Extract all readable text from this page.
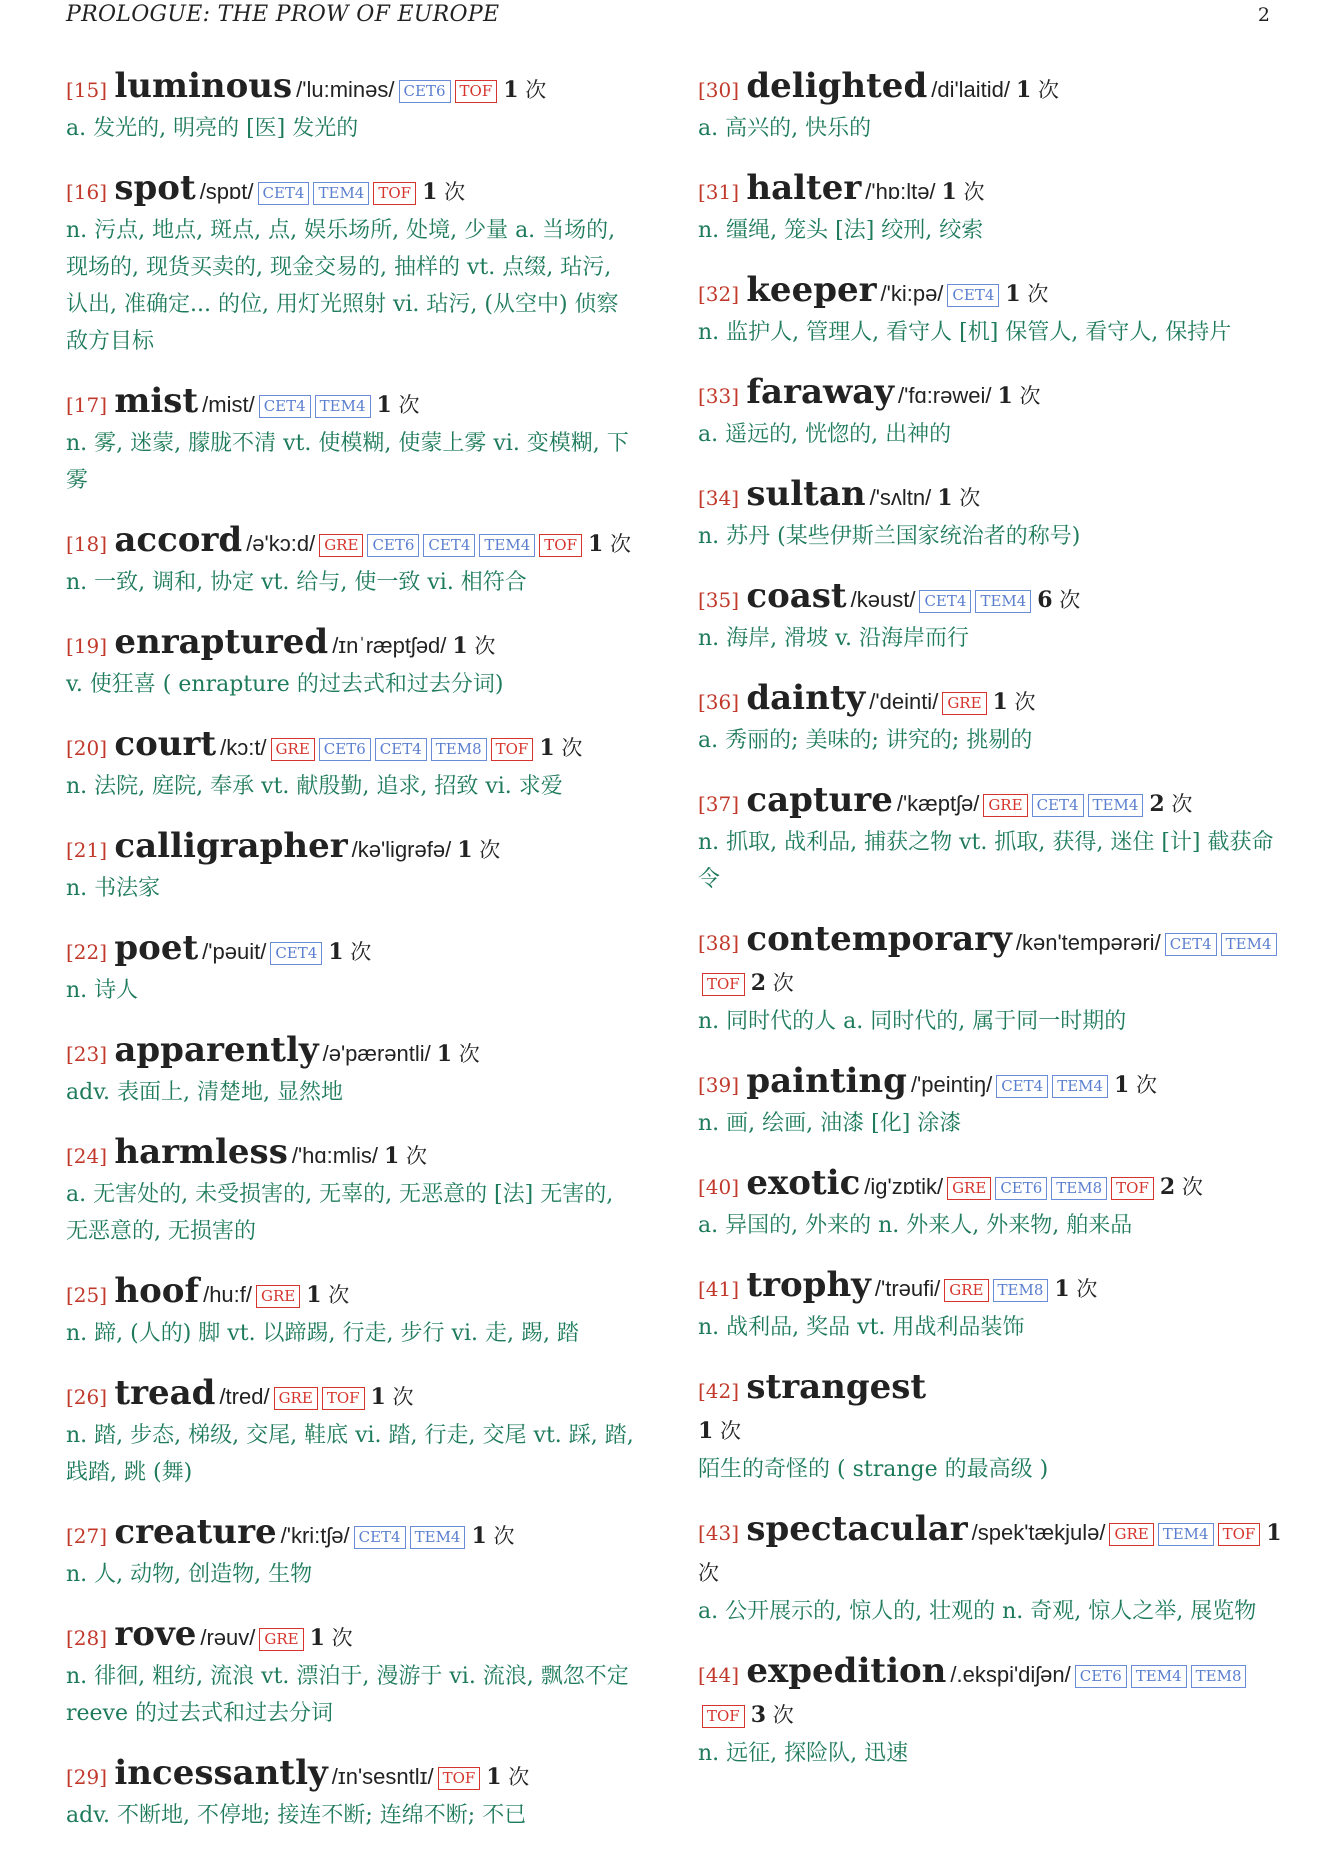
PROLOGUE: THE PROW OF EUROPE	2
[15] luminous /'lu:minəs/ CET6 TOF 1 次
a. 发光的, 明亮的 [医] 发光的
[16] spot /spɒt/ CET4 TEM4 TOF 1 次
n. 污点, 地点, 斑点, 点, 娱乐场所, 处境, 少量 a. 当场的, 现场的, 现货买卖的, 现金交易的, 抽样的 vt. 点缀, 玷污, 认出, 准确定... 的位, 用灯光照射 vi. 玷污, (从空中) 侦察敌方目标
[17] mist /mist/ CET4 TEM4 1 次
n. 雾, 迷蒙, 朦胧不清 vt. 使模糊, 使蒙上雾 vi. 变模糊, 下雾
[18] accord /ə'kɔ:d/ GRE CET6 CET4 TEM4 TOF 1 次
n. 一致, 调和, 协定 vt. 给与, 使一致 vi. 相符合
[19] enraptured /ɪnˈræptʃəd/ 1 次
v. 使狂喜 ( enrapture 的过去式和过去分词)
[20] court /kɔ:t/ GRE CET6 CET4 TEM8 TOF 1 次
n. 法院, 庭院, 奉承 vt. 献殷勤, 追求, 招致 vi. 求爱
[21] calligrapher /kə'ligrəfə/ 1 次
n. 书法家
[22] poet /'pəuit/ CET4 1 次
n. 诗人
[23] apparently /ə'pærəntli/ 1 次
adv. 表面上, 清楚地, 显然地
[24] harmless /'hɑ:mlis/ 1 次
a. 无害处的, 未受损害的, 无辜的, 无恶意的 [法] 无害的, 无恶意的, 无损害的
[25] hoof /hu:f/ GRE 1 次
n. 蹄, (人的) 脚 vt. 以蹄踢, 行走, 步行 vi. 走, 踢, 踏
[26] tread /tred/ GRE TOF 1 次
n. 踏, 步态, 梯级, 交尾, 鞋底 vi. 踏, 行走, 交尾 vt. 踩, 踏, 践踏, 跳 (舞)
[27] creature /'kri:tʃə/ CET4 TEM4 1 次
n. 人, 动物, 创造物, 生物
[28] rove /rəuv/ GRE 1 次
n. 徘徊, 粗纺, 流浪 vt. 漂泊于, 漫游于 vi. 流浪, 飘忽不定 reeve 的过去式和过去分词
[29] incessantly /ɪn'sesntlɪ/ TOF 1 次
adv. 不断地, 不停地; 接连不断; 连绵不断; 不已
[30] delighted /di'laitid/ 1 次
a. 高兴的, 快乐的
[31] halter /'hɒ:ltə/ 1 次
n. 缰绳, 笼头 [法] 绞刑, 绞索
[32] keeper /'ki:pə/ CET4 1 次
n. 监护人, 管理人, 看守人 [机] 保管人, 看守人, 保持片
[33] faraway /'fɑ:rəwei/ 1 次
a. 遥远的, 恍惚的, 出神的
[34] sultan /'sʌltn/ 1 次
n. 苏丹 (某些伊斯兰国家统治者的称号)
[35] coast /kəust/ CET4 TEM4 6 次
n. 海岸, 滑坡 v. 沿海岸而行
[36] dainty /'deinti/ GRE 1 次
a. 秀丽的; 美味的; 讲究的; 挑剔的
[37] capture /'kæptʃə/ GRE CET4 TEM4 2 次
n. 抓取, 战利品, 捕获之物 vt. 抓取, 获得, 迷住 [计] 截获命令
[38] contemporary /kən'tempərəri/ CET4 TEM4TOF 2 次
n. 同时代的人 a. 同时代的, 属于同一时期的
[39] painting /'peintiŋ/ CET4 TEM4 1 次
n. 画, 绘画, 油漆 [化] 涂漆
[40] exotic /ig'zɒtik/ GRE CET6 TEM8 TOF 2 次
a. 异国的, 外来的 n. 外来人, 外来物, 舶来品
[41] trophy /'trəufi/ GRE TEM8 1 次
n. 战利品, 奖品 vt. 用战利品装饰
[42] strangest
1 次
陌生的奇怪的 ( strange 的最高级 )
[43] spectacular /spek'tækjulə/ GRE TEM4 TOF 1 次
a. 公开展示的, 惊人的, 壮观的 n. 奇观, 惊人之举, 展览物
[44] expedition /.ekspi'diʃən/ CET6 TEM4 TEM8TOF 3 次
n. 远征, 探险队, 迅速
